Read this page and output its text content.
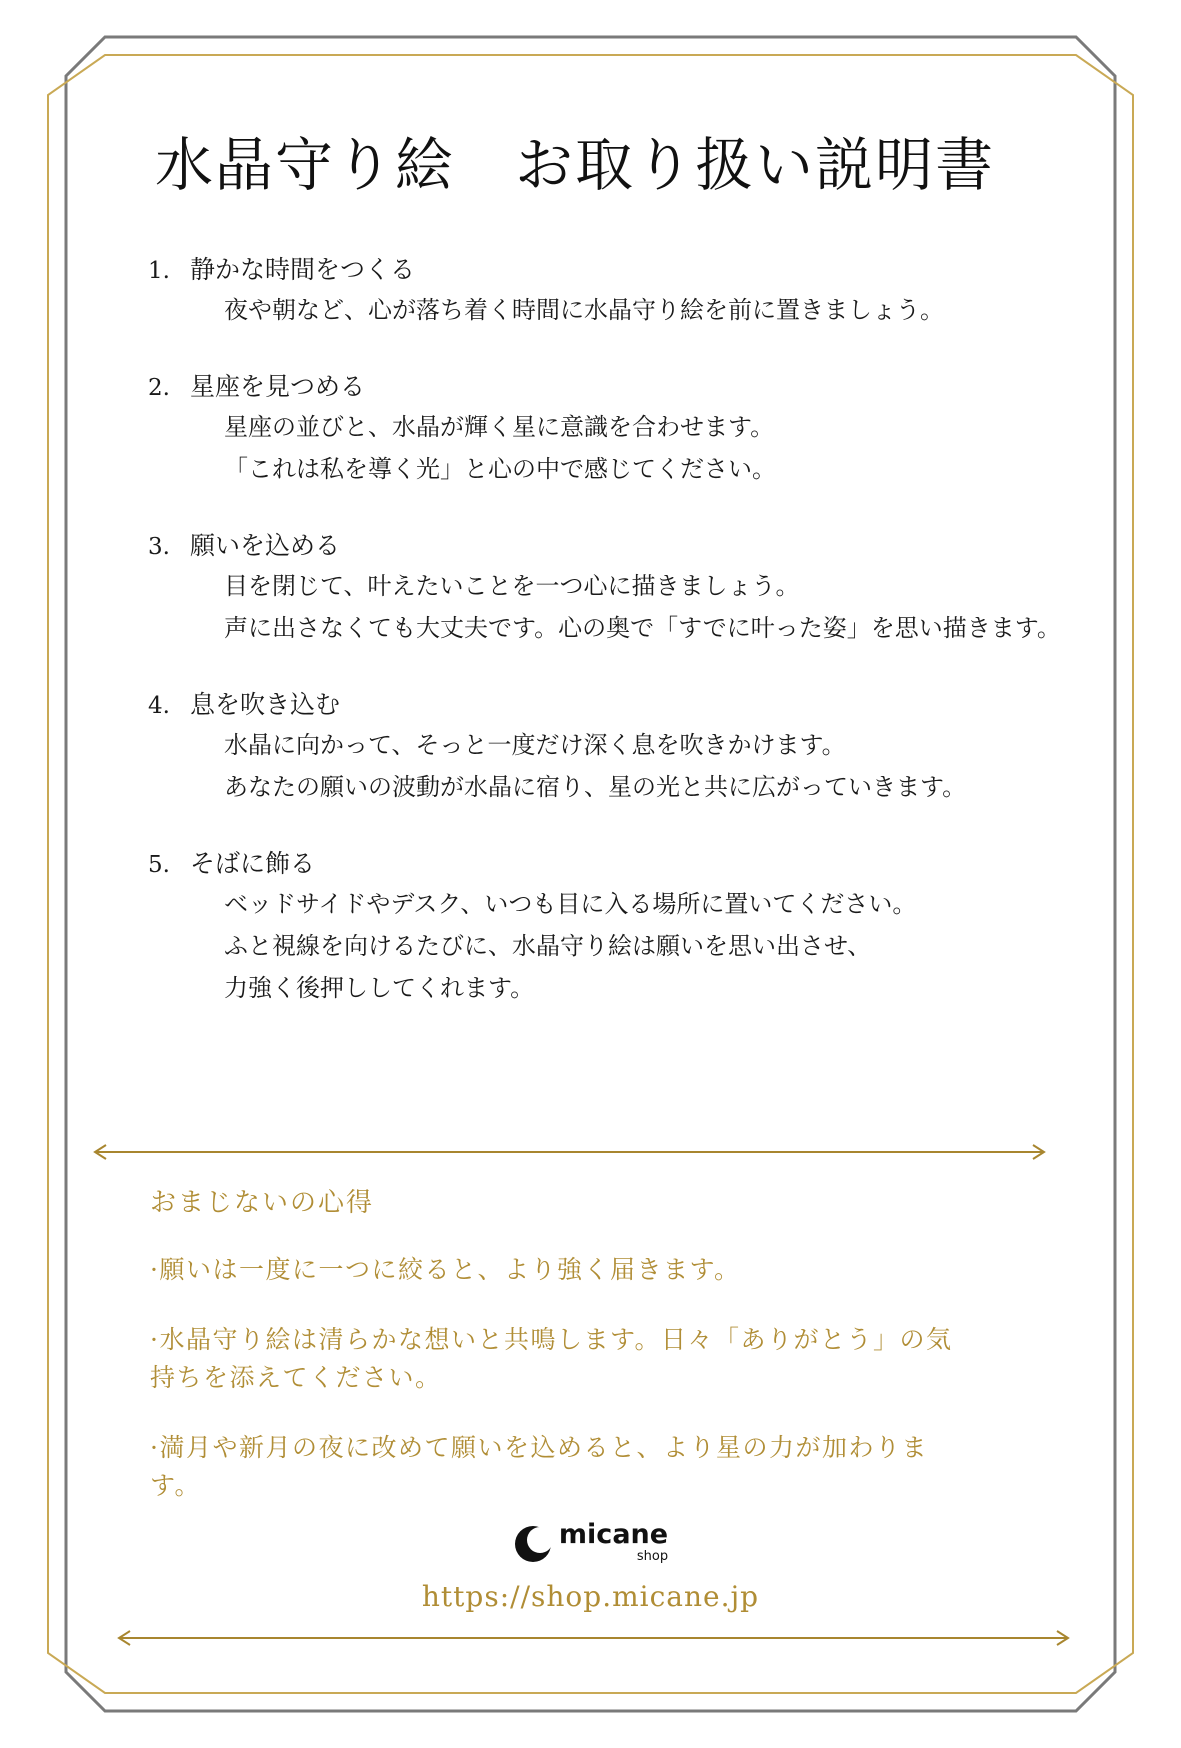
水晶守り絵　お取り扱い説明書
1. 静かな時間をつくる
夜や朝など、心が落ち着く時間に水晶守り絵を前に置きましょう。
2. 星座を見つめる
星座の並びと、水晶が輝く星に意識を合わせます。
「これは私を導く光」と心の中で感じてください。
3. 願いを込める
目を閉じて、叶えたいことを一つ心に描きましょう。
声に出さなくても大丈夫です。心の奥で「すでに叶った姿」を思い描きます。
4. 息を吹き込む
水晶に向かって、そっと一度だけ深く息を吹きかけます。
あなたの願いの波動が水晶に宿り、星の光と共に広がっていきます。
5. そばに飾る
ベッドサイドやデスク、いつも目に入る場所に置いてください。
ふと視線を向けるたびに、水晶守り絵は願いを思い出させ、
力強く後押ししてくれます。
おまじないの心得
·願いは一度に一つに絞ると、より強く届きます。
·水晶守り絵は清らかな想いと共鳴します。日々「ありがとう」の気持ちを添えてください。
·満月や新月の夜に改めて願いを込めると、より星の力が加わります。
micane
shop
https://shop.micane.jp
